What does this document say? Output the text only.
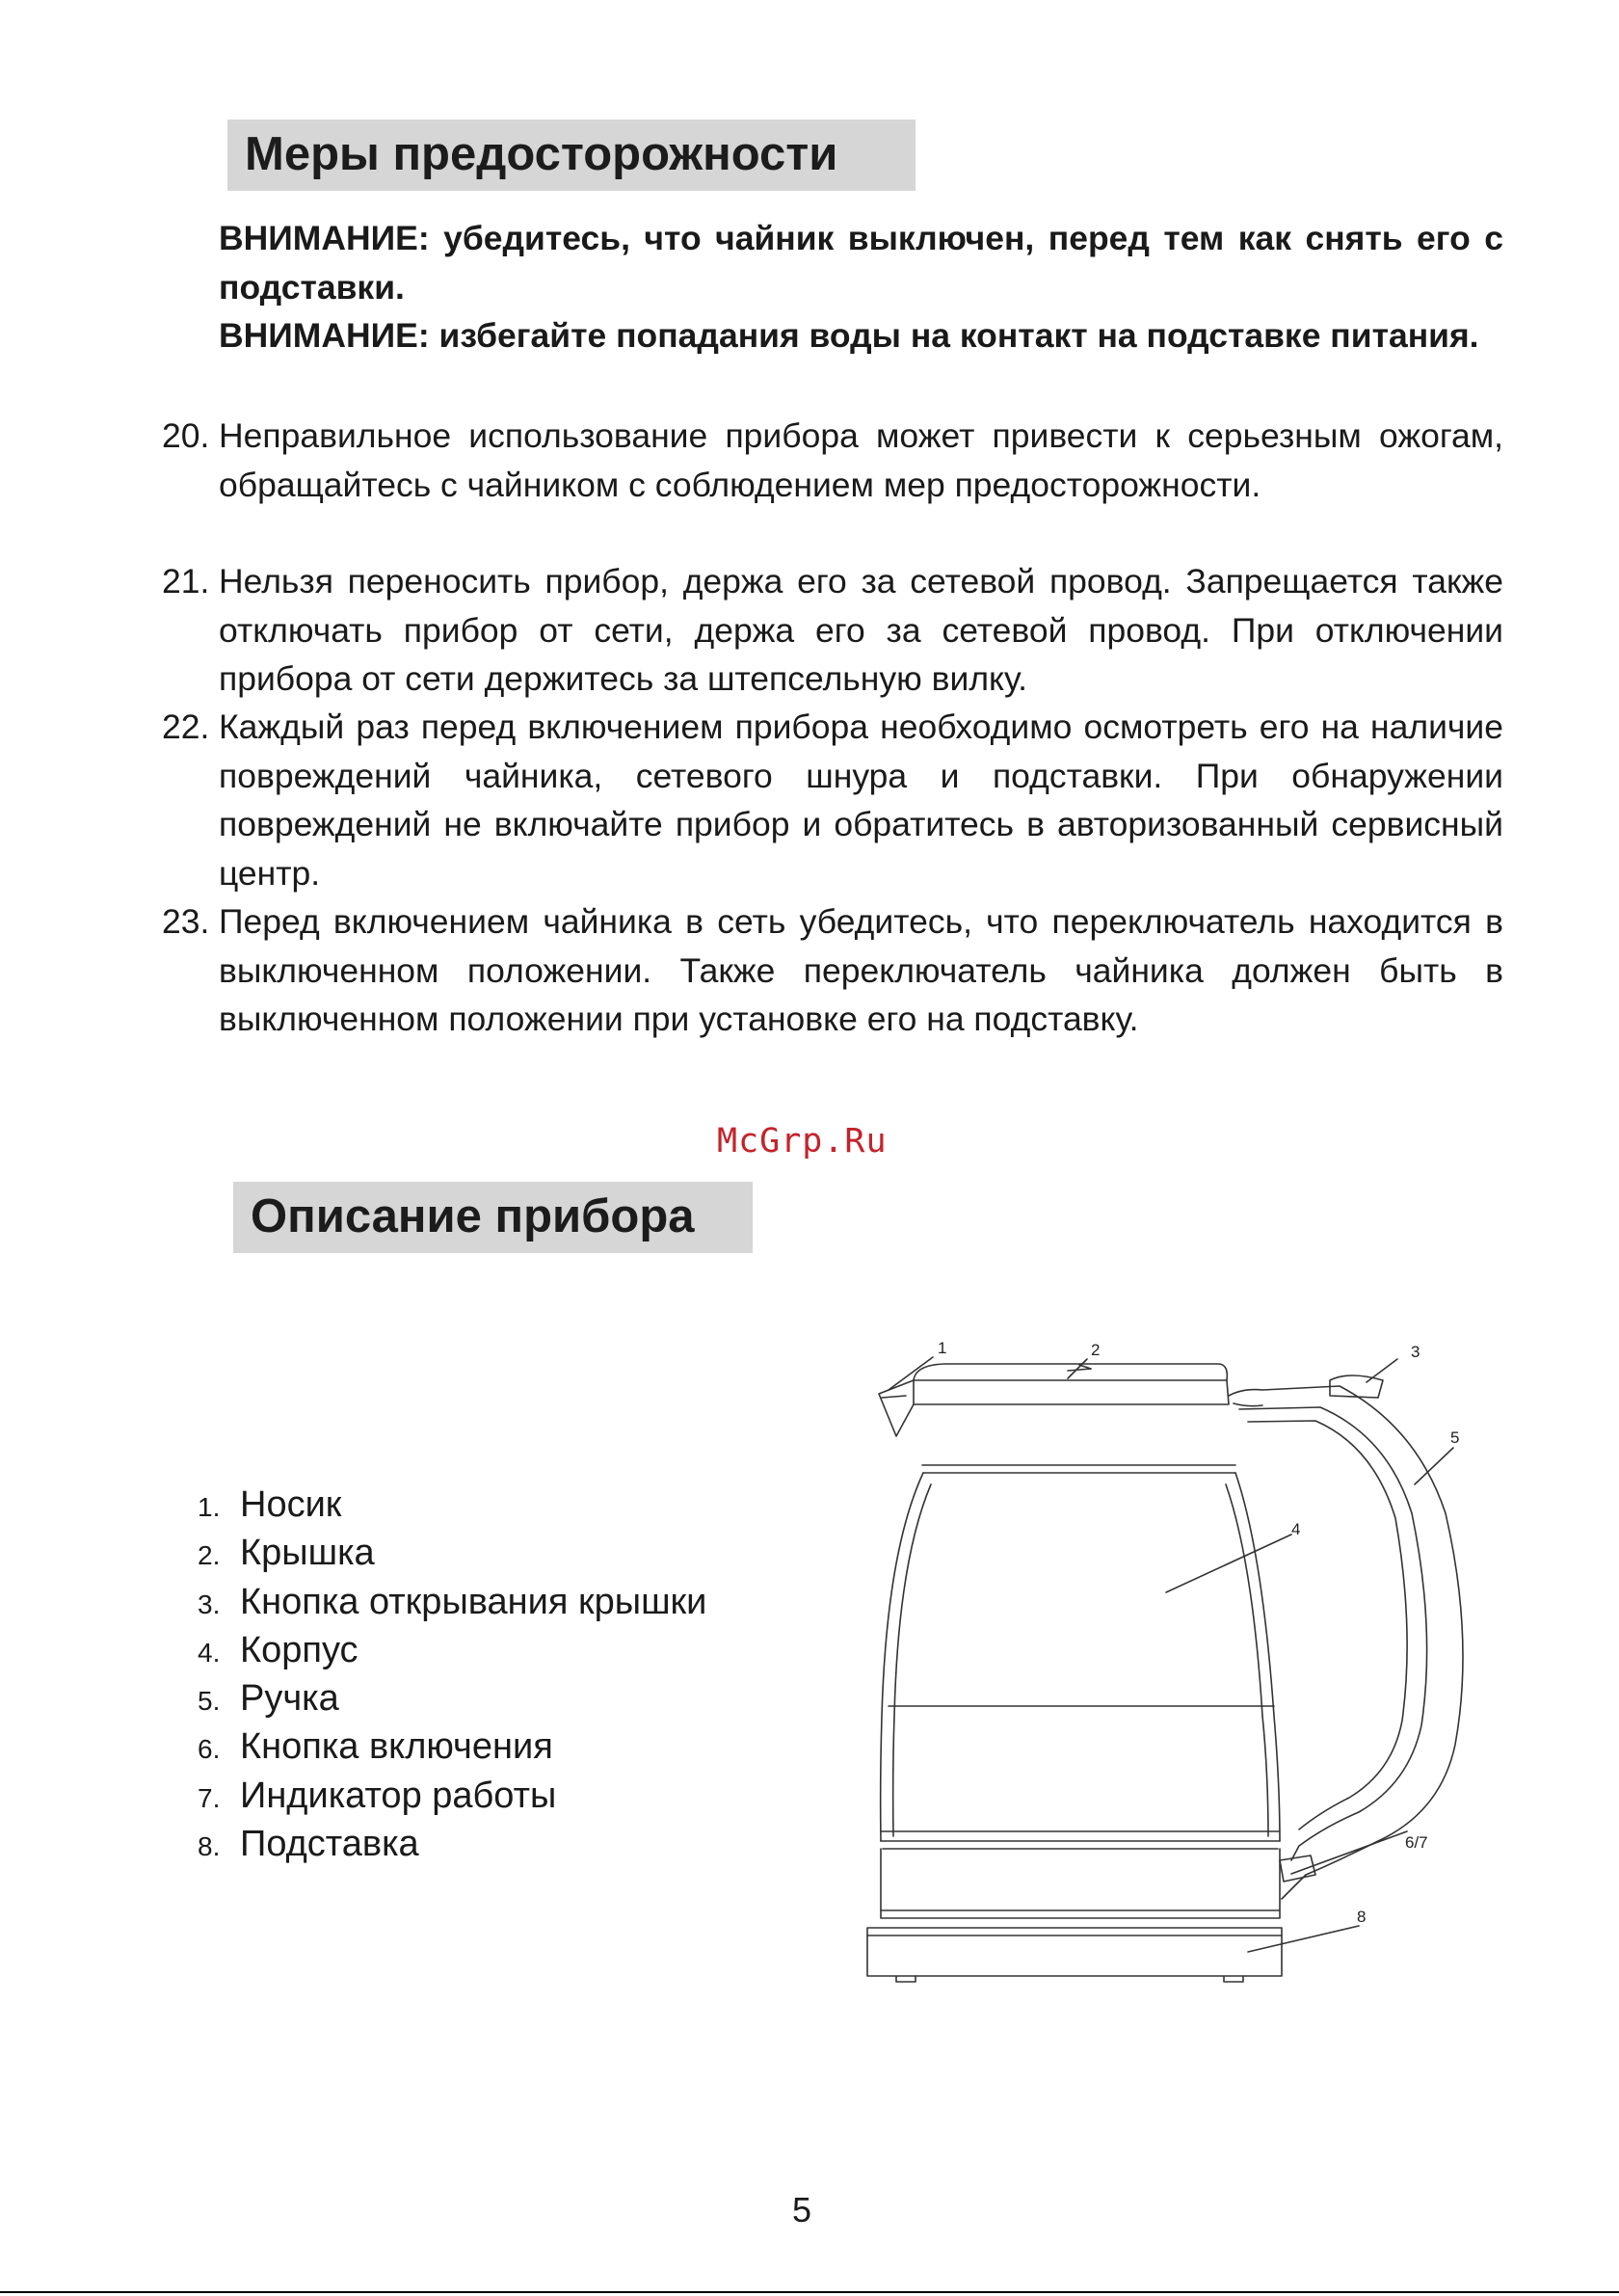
Меры предосторожности
ВНИМАНИЕ: убедитесь, что чайник выключен, перед тем как снять его с подставки.
ВНИМАНИЕ: избегайте попадания воды на контакт на подставке питания.
20. Неправильное использование прибора может привести к серьезным ожогам, обращайтесь с чайником с соблюдением мер предосторожности.
21. Нельзя переносить прибор, держа его за сетевой провод. Запрещается также отключать прибор от сети, держа его за сетевой провод. При отключении прибора от сети держитесь за штепсельную вилку.
22. Каждый раз перед включением прибора необходимо осмотреть его на наличие повреждений чайника, сетевого шнура и подставки. При обнаружении повреждений не включайте прибор и обратитесь в авторизованный сервисный центр.
23. Перед включением чайника в сеть убедитесь, что переключатель находится в выключенном положении. Также переключатель чайника должен быть в выключенном положении при установке его на подставку.
McGrp.Ru
Описание прибора
1. Носик
2. Крышка
3. Кнопка открывания крышки
4. Корпус
5. Ручка
6. Кнопка включения
7. Индикатор работы
8. Подставка
1	2	3
4
5
6/7
8
5
